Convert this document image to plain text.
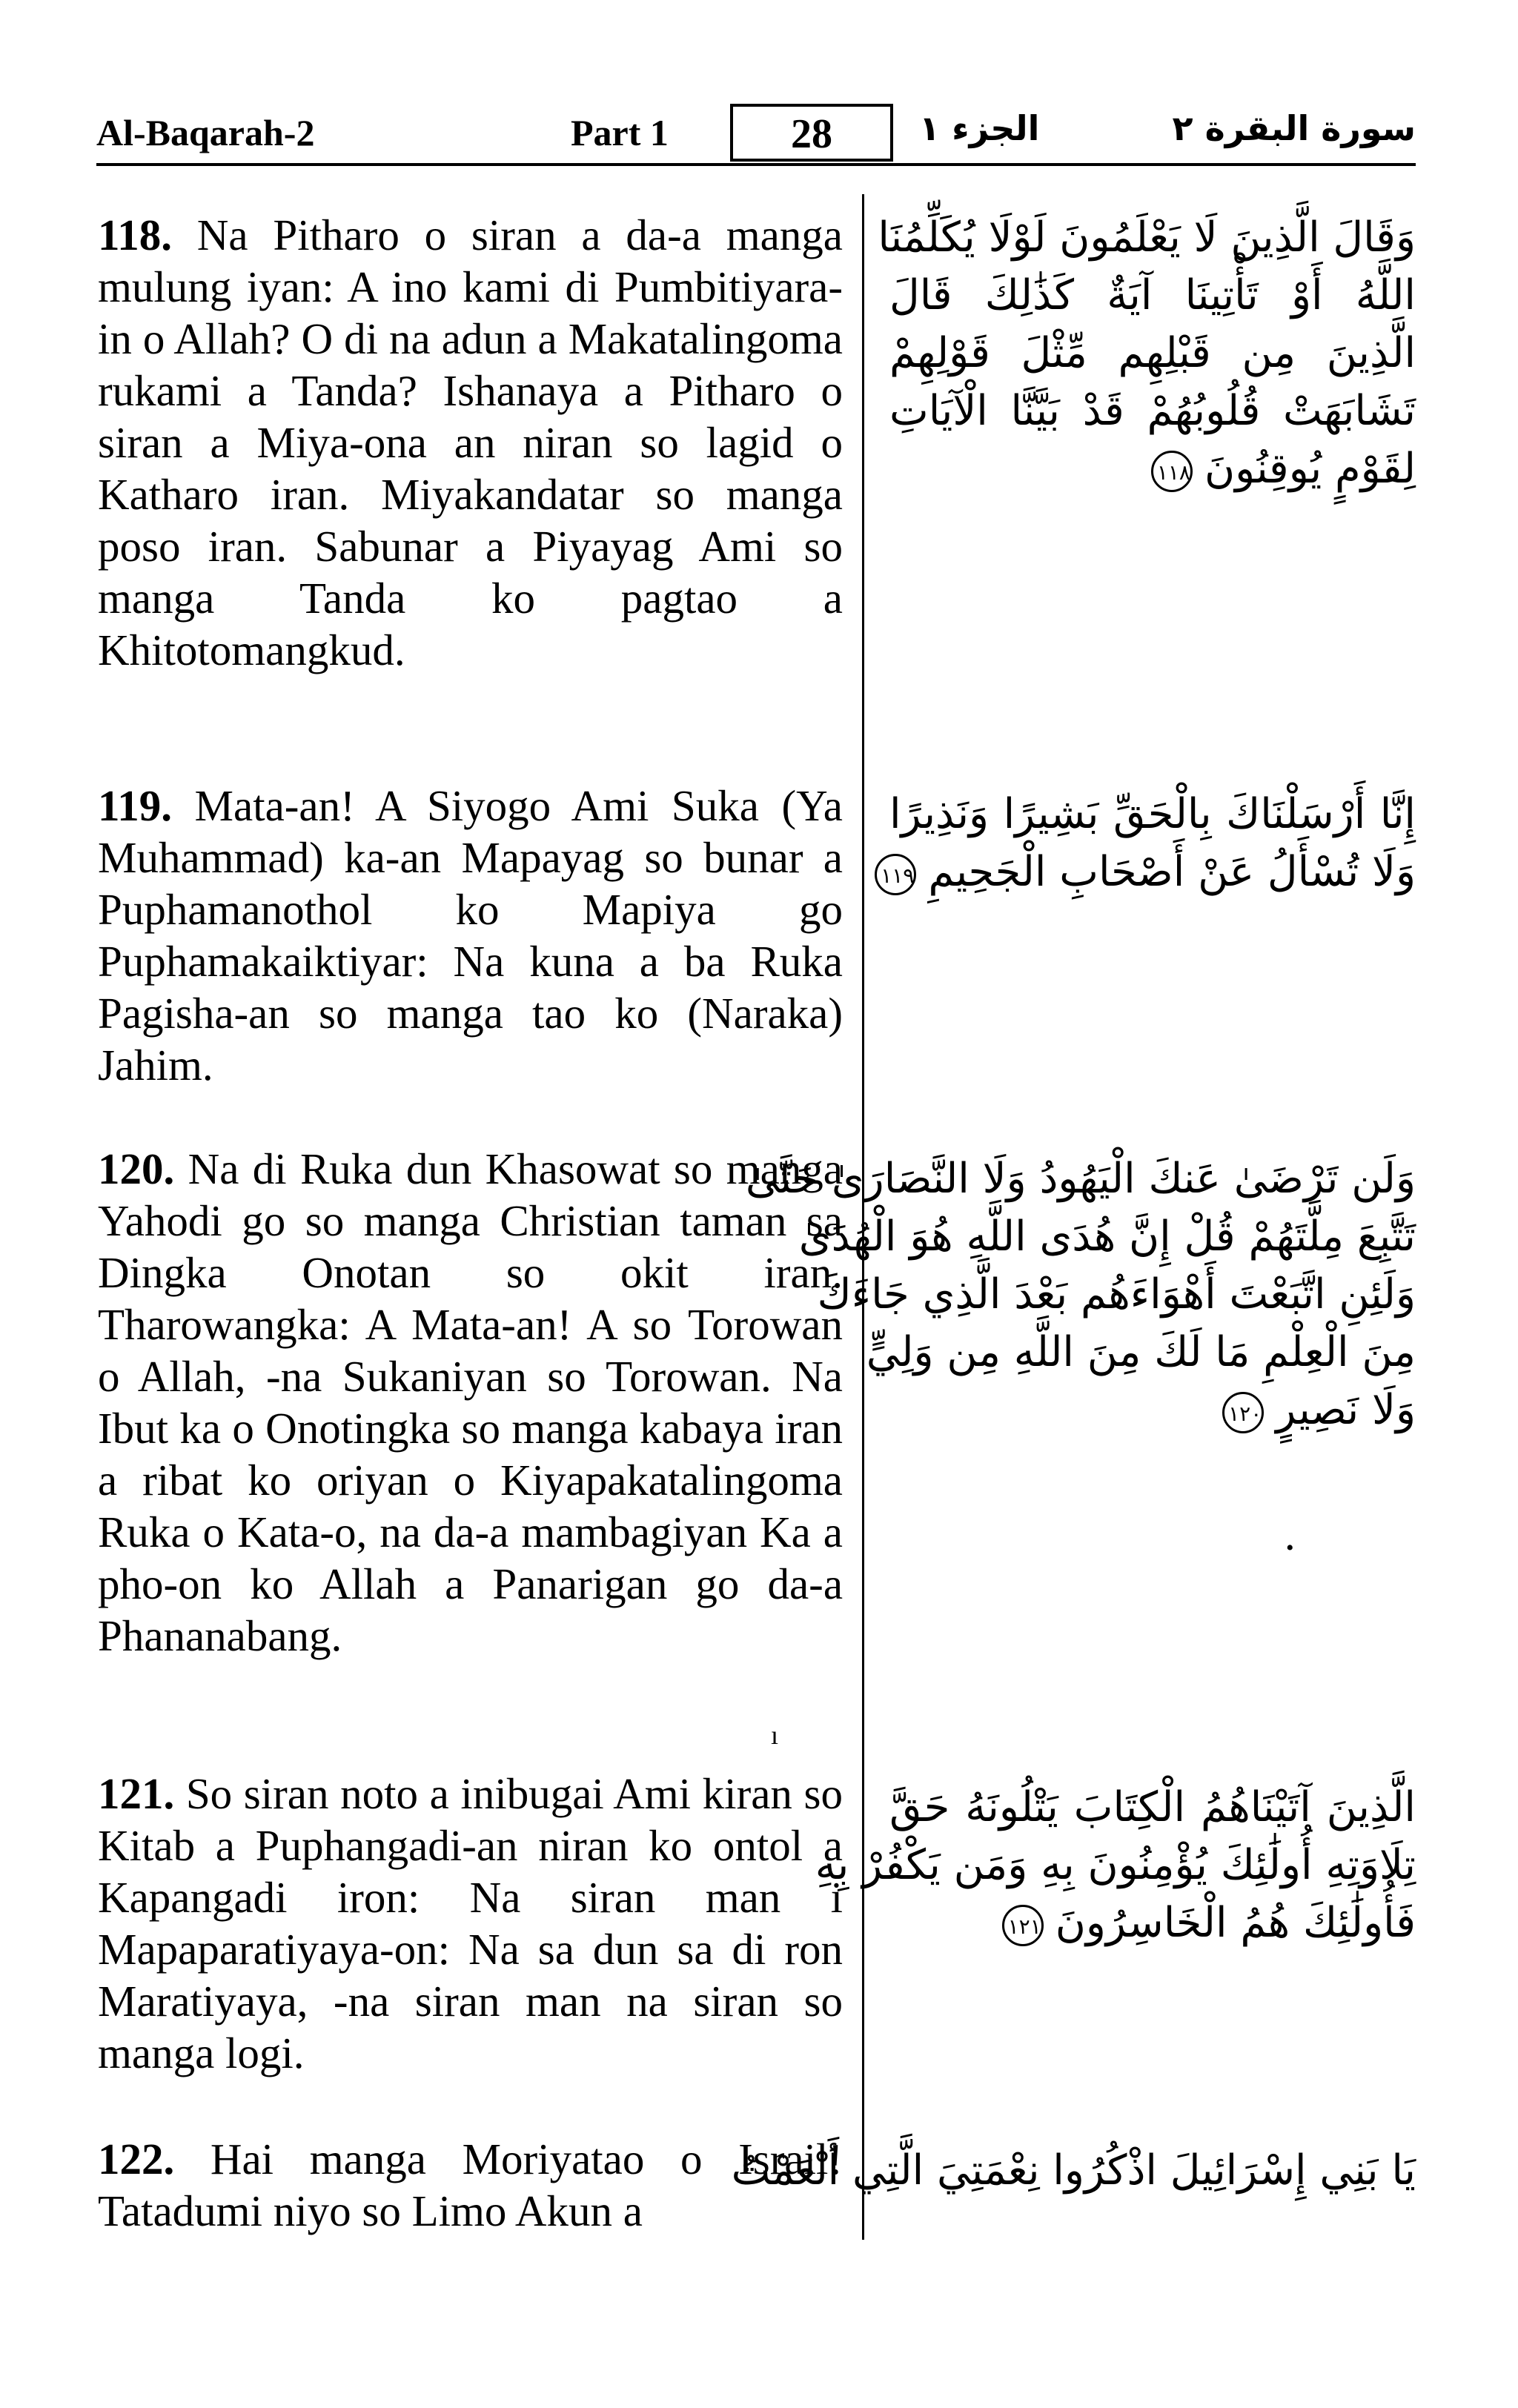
Al-Baqarah-2	Part 1	28	الجزء ١	سورة البقرة ٢

118. Na Pitharo o siran a da-a manga mulung iyan: A ino kami di Pumbitiyara-in o Allah? O di na adun a Makatalingoma rukami a Tanda? Ishanaya a Pitharo o siran a Miya-ona an niran so lagid o Katharo iran. Miyakandatar so manga poso iran. Sabunar a Piyayag Ami so manga Tanda ko pagtao a Khitotomangkud.

وَقَالَ الَّذِينَ لَا يَعْلَمُونَ لَوْلَا يُكَلِّمُنَا
اللَّهُ أَوْ تَأْتِينَا آيَةٌ كَذَٰلِكَ قَالَ
الَّذِينَ مِن قَبْلِهِم مِّثْلَ قَوْلِهِمْ
تَشَابَهَتْ قُلُوبُهُمْ قَدْ بَيَّنَّا الْآيَاتِ
لِقَوْمٍ يُوقِنُونَ١١٨

119. Mata-an! A Siyogo Ami Suka (Ya Muhammad) ka-an Mapayag so bunar a Puphamanothol ko Mapiya go Puphamakaiktiyar: Na kuna a ba Ruka Pagisha-an so manga tao ko (Naraka) Jahim.

إِنَّا أَرْسَلْنَاكَ بِالْحَقِّ بَشِيرًا وَنَذِيرًا
وَلَا تُسْأَلُ عَنْ أَصْحَابِ الْجَحِيمِ١١٩

120. Na di Ruka dun Khasowat so manga Yahodi go so manga Christian taman sa Dingka Onotan so okit iran. Tharowangka: A Mata-an! A so Torowan o Allah, -na Sukaniyan so Torowan. Na Ibut ka o Onotingka so manga kabaya iran a ribat ko oriyan o Kiyapakatalingoma Ruka o Kata-o, na da-a mambagiyan Ka a pho-on ko Allah a Panarigan go da-a Phananabang.

وَلَن تَرْضَىٰ عَنكَ الْيَهُودُ وَلَا النَّصَارَىٰ حَتَّىٰ
تَتَّبِعَ مِلَّتَهُمْ قُلْ إِنَّ هُدَى اللَّهِ هُوَ الْهُدَىٰ
وَلَئِنِ اتَّبَعْتَ أَهْوَاءَهُم بَعْدَ الَّذِي جَاءَكَ
مِنَ الْعِلْمِ مَا لَكَ مِنَ اللَّهِ مِن وَلِيٍّ
وَلَا نَصِيرٍ١٢٠
•
ı

121. So siran noto a inibugai Ami kiran so Kitab a Puphangadi-an niran ko ontol a Kapangadi iron: Na siran man i Mapaparatiyaya-on: Na sa dun sa di ron Maratiyaya, -na siran man na siran so manga logi.

الَّذِينَ آتَيْنَاهُمُ الْكِتَابَ يَتْلُونَهُ حَقَّ
تِلَاوَتِهِ أُولَٰئِكَ يُؤْمِنُونَ بِهِ وَمَن يَكْفُرْ بِهِ
فَأُولَٰئِكَ هُمُ الْخَاسِرُونَ١٢١

122. Hai manga Moriyatao o Israil! Tatadumi niyo so Limo Akun a

يَا بَنِي إِسْرَائِيلَ اذْكُرُوا نِعْمَتِيَ الَّتِي أَنْعَمْتُ
